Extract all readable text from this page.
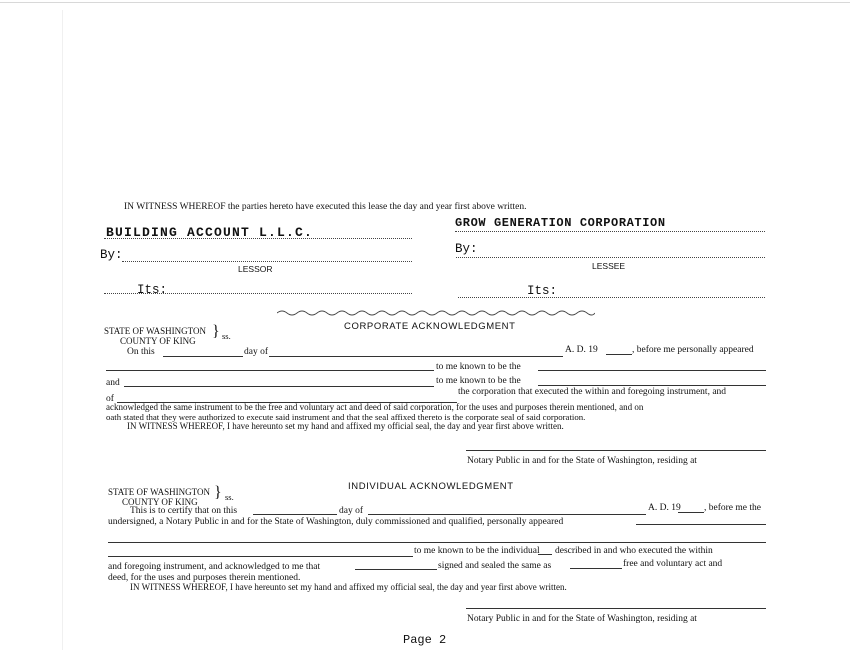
IN WITNESS WHEREOF the parties hereto have executed this lease the day and year first above written.
BUILDING ACCOUNT L.L.C.
By:
LESSOR
Its:
GROW GENERATION CORPORATION
By:
LESSEE
Its:
STATE OF WASHINGTON
COUNTY OF KING
} ss.
CORPORATE ACKNOWLEDGMENT
On this	day of	A. D. 19	, before me personally appeared
to me known to be the
and	to me known to be the
of
the corporation that executed the within and foregoing instrument, and
acknowledged the same instrument to be the free and voluntary act and deed of said corporation, for the uses and purposes therein mentioned, and on
oath stated that they were authorized to execute said instrument and that the seal affixed thereto is the corporate seal of said corporation.
IN WITNESS WHEREOF, I have hereunto set my hand and affixed my official seal, the day and year first above written.
Notary Public in and for the State of Washington, residing at
STATE OF WASHINGTON
COUNTY OF KING
} ss.
INDIVIDUAL ACKNOWLEDGMENT
This is to certify that on this	day of	A. D. 19 , before me the
undersigned, a Notary Public in and for the State of Washington, duly commissioned and qualified, personally appeared
to me known to be the individual described in and who executed the within
and foregoing instrument, and acknowledged to me that	signed and sealed the same as	free and voluntary act and
deed, for the uses and purposes therein mentioned.
IN WITNESS WHEREOF, I have hereunto set my hand and affixed my official seal, the day and year first above written.
Notary Public in and for the State of Washington, residing at
Page 2
